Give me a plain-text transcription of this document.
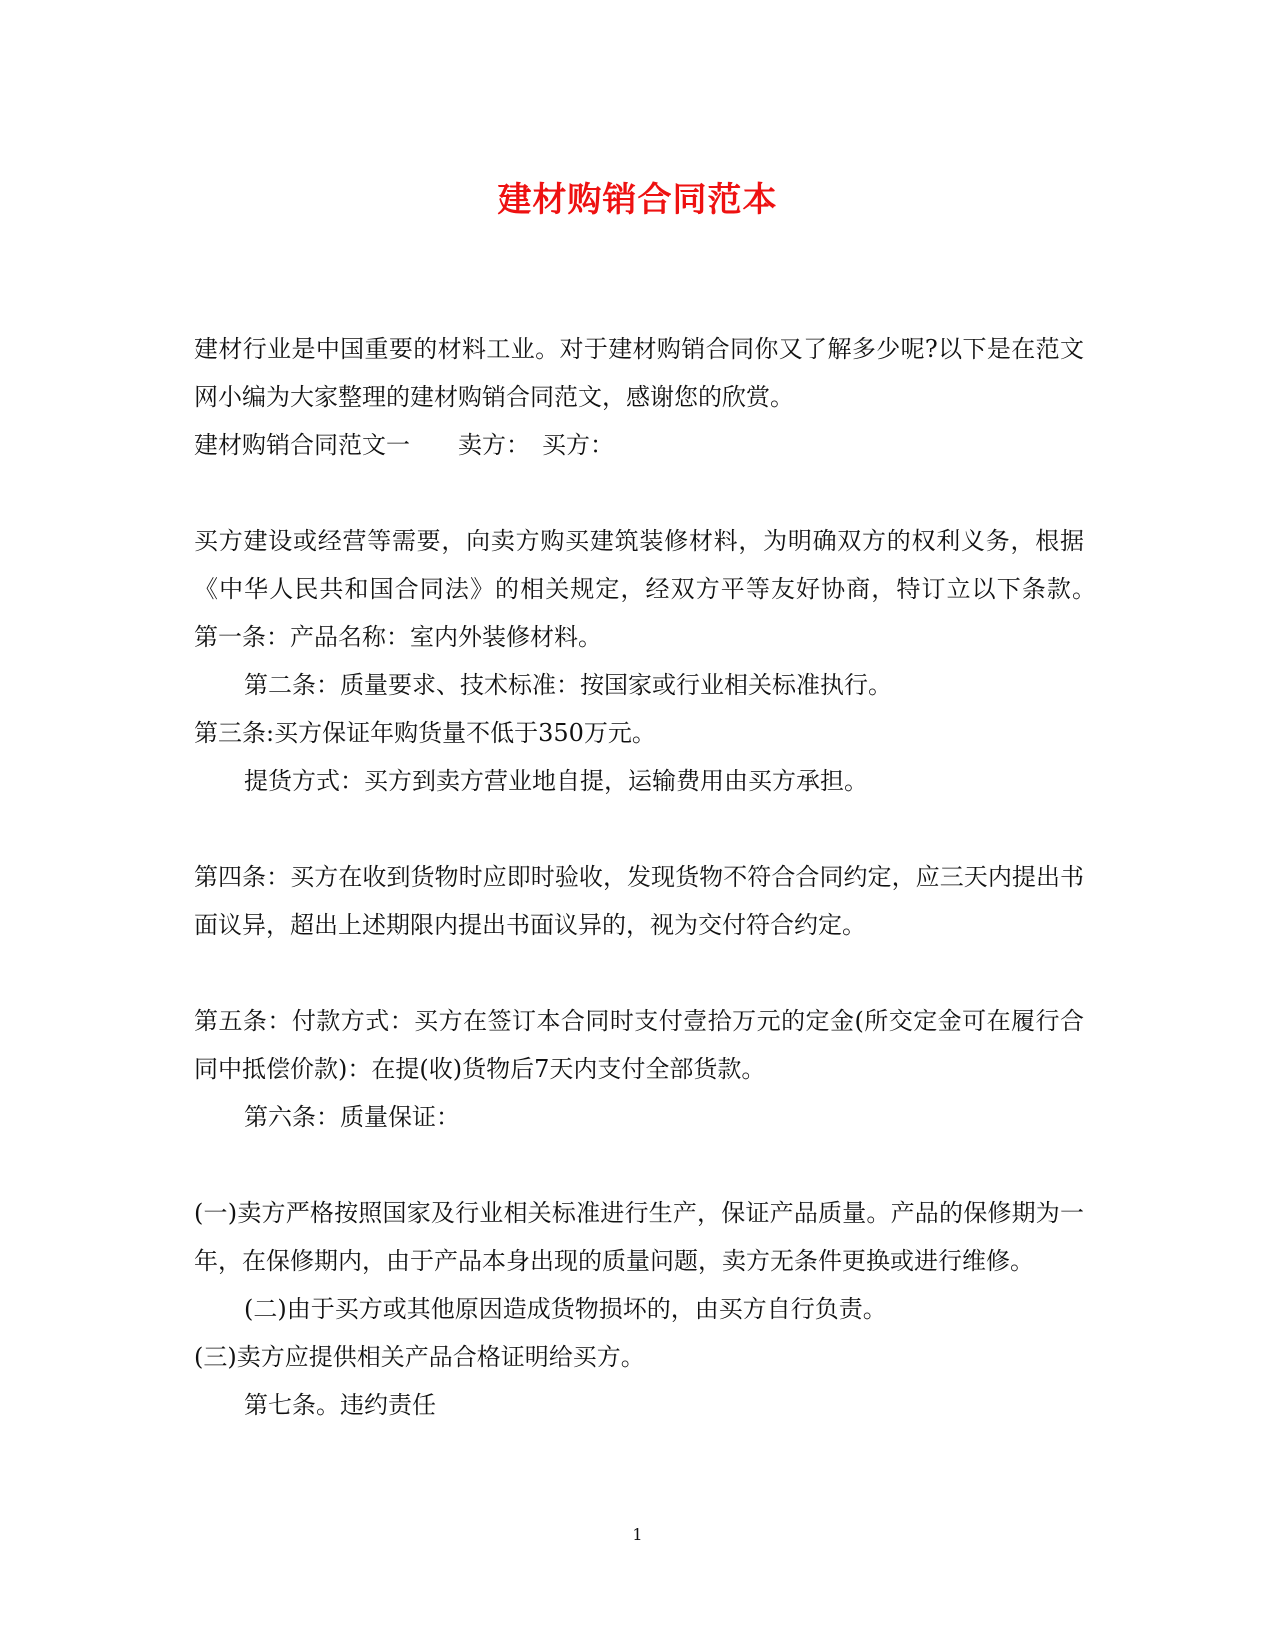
建材购销合同范本

建材行业是中国重要的材料工业。对于建材购销合同你又了解多少呢?以下是在范文网小编为大家整理的建材购销合同范文，感谢您的欣赏。

建材购销合同范文一　　卖方：　买方：

买方建设或经营等需要，向卖方购买建筑装修材料，为明确双方的权利义务，根据《中华人民共和国合同法》的相关规定，经双方平等友好协商，特订立以下条款。　第一条：产品名称：室内外装修材料。

第二条：质量要求、技术标准：按国家或行业相关标准执行。

第三条:买方保证年购货量不低于350万元。

提货方式：买方到卖方营业地自提，运输费用由买方承担。

第四条：买方在收到货物时应即时验收，发现货物不符合合同约定，应三天内提出书面议异，超出上述期限内提出书面议异的，视为交付符合约定。

第五条：付款方式：买方在签订本合同时支付壹拾万元的定金(所交定金可在履行合同中抵偿价款)：在提(收)货物后7天内支付全部货款。

第六条：质量保证：

(一)卖方严格按照国家及行业相关标准进行生产，保证产品质量。产品的保修期为一年，在保修期内，由于产品本身出现的质量问题，卖方无条件更换或进行维修。

(二)由于买方或其他原因造成货物损坏的，由买方自行负责。

(三)卖方应提供相关产品合格证明给买方。

第七条。违约责任

1
